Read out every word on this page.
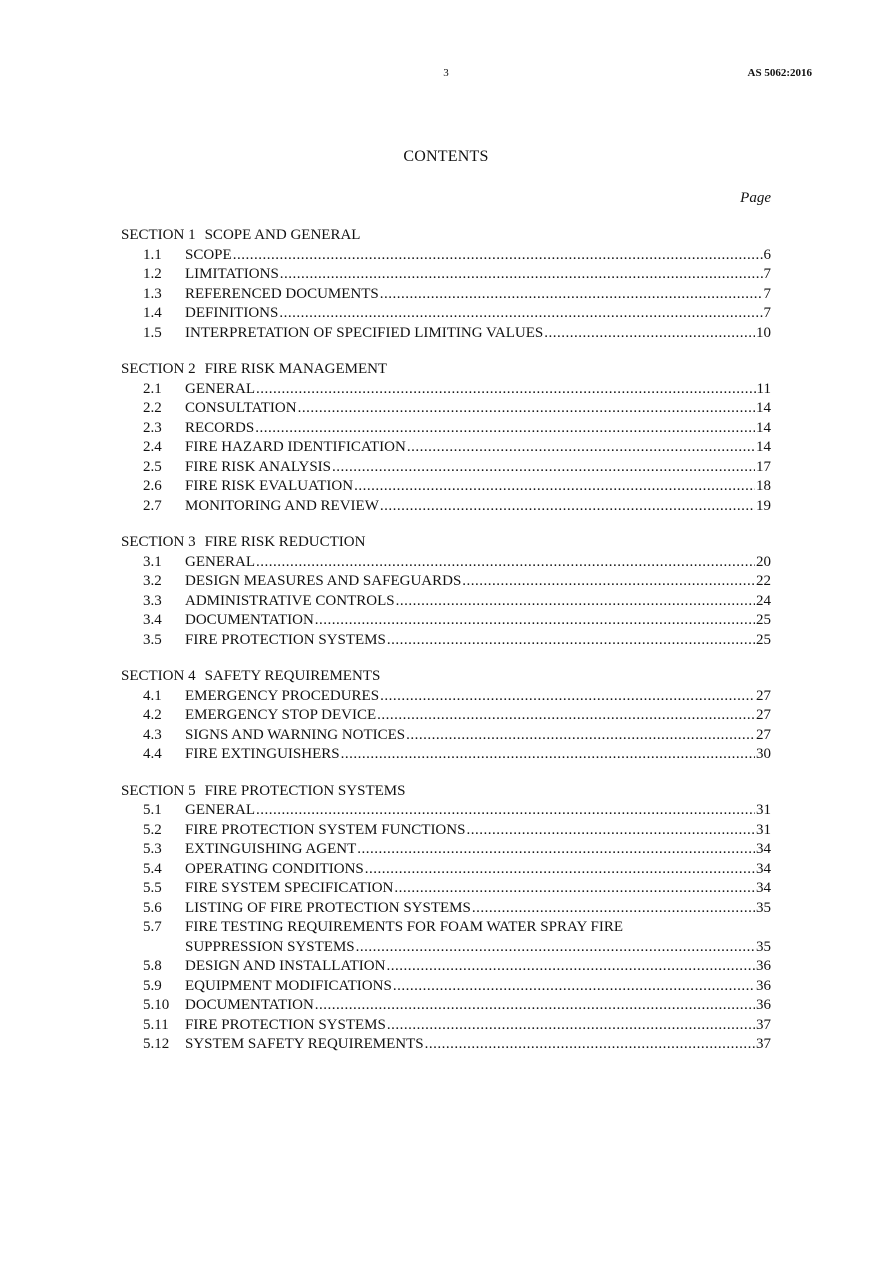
3	AS 5062:2016
CONTENTS
Page
SECTION 1 SCOPE AND GENERAL
1.1	SCOPE .....	6
1.2	LIMITATIONS .....	7
1.3	REFERENCED DOCUMENTS .....	7
1.4	DEFINITIONS .....	7
1.5	INTERPRETATION OF SPECIFIED LIMITING VALUES .....	10
SECTION 2 FIRE RISK MANAGEMENT
2.1	GENERAL .....	11
2.2	CONSULTATION .....	14
2.3	RECORDS .....	14
2.4	FIRE HAZARD IDENTIFICATION .....	14
2.5	FIRE RISK ANALYSIS .....	17
2.6	FIRE RISK EVALUATION .....	18
2.7	MONITORING AND REVIEW .....	19
SECTION 3 FIRE RISK REDUCTION
3.1	GENERAL .....	20
3.2	DESIGN MEASURES AND SAFEGUARDS .....	22
3.3	ADMINISTRATIVE CONTROLS .....	24
3.4	DOCUMENTATION .....	25
3.5	FIRE PROTECTION SYSTEMS .....	25
SECTION 4 SAFETY REQUIREMENTS
4.1	EMERGENCY PROCEDURES .....	27
4.2	EMERGENCY STOP DEVICE .....	27
4.3	SIGNS AND WARNING NOTICES .....	27
4.4	FIRE EXTINGUISHERS .....	30
SECTION 5 FIRE PROTECTION SYSTEMS
5.1	GENERAL .....	31
5.2	FIRE PROTECTION SYSTEM FUNCTIONS .....	31
5.3	EXTINGUISHING AGENT .....	34
5.4	OPERATING CONDITIONS .....	34
5.5	FIRE SYSTEM SPECIFICATION .....	34
5.6	LISTING OF FIRE PROTECTION SYSTEMS .....	35
5.7	FIRE TESTING REQUIREMENTS FOR FOAM WATER SPRAY FIRE
SUPPRESSION SYSTEMS .....	35
5.8	DESIGN AND INSTALLATION .....	36
5.9	EQUIPMENT MODIFICATIONS .....	36
5.10	DOCUMENTATION .....	36
5.11	FIRE PROTECTION SYSTEMS .....	37
5.12	SYSTEM SAFETY REQUIREMENTS .....	37
